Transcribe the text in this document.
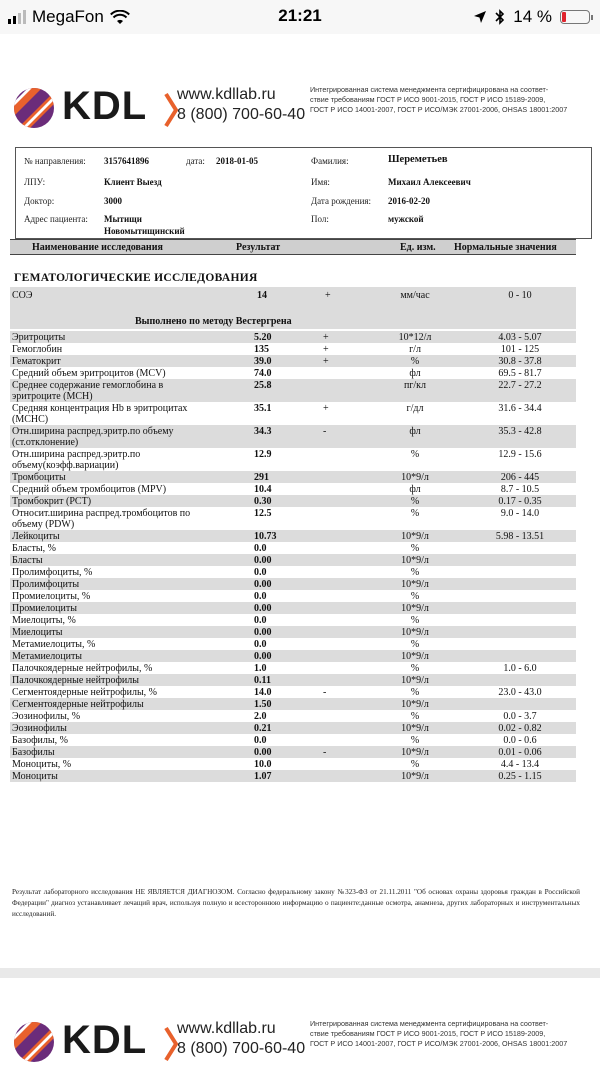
MegaFon	21:21	14 %
KDL www.kdllab.ru
8 (800) 700-60-40
Интегрированная система менеджмента сертифицирована на соответ-
ствие требованиям ГОСТ Р ИСО 9001-2015, ГОСТ Р ИСО 15189-2009,
ГОСТ Р ИСО 14001-2007, ГОСТ Р ИСО/МЭК 27001-2006, OHSAS 18001:2007
№ направления: 3157641896	дата: 2018-01-05	Фамилия:	Шереметьев
ЛПУ:	Клиент Выезд	Имя:	Михаил Алексеевич
Доктор:	3000	Дата рождения: 2016-02-20
Адрес пациента: Мытищи
Новомытищинский
Пол:	мужской
Наименование исследования	Результат	Ед. изм. Нормальные значения
ГЕМАТОЛОГИЧЕСКИЕ ИССЛЕДОВАНИЯ
СОЭ	14	+	мм/час	0 - 10
Выполнено по методу Вестергрена
Эритроциты	5.20	+	10*12/л	4.03 - 5.07
Гемоглобин	135	+	г/л	101 - 125
Гематокрит	39.0	+	%	30.8 - 37.8
Средний объем эритроцитов (MCV)	74.0	фл	69.5 - 81.7
Среднее содержание гемоглобина в эритроците (MCH)
25.8	пг/кл	22.7 - 27.2
Средняя концентрация Hb в эритроцитах (MCHC)
35.1	+	г/дл	31.6 - 34.4
Отн.ширина распред.эритр.по объему (ст.отклонение)
34.3	-	фл	35.3 - 42.8
Отн.ширина распред.эритр.по объему(коэфф.вариации)
12.9	%	12.9 - 15.6
Тромбоциты	291	10*9/л	206 - 445
Средний объем тромбоцитов (MPV)	10.4	фл	8.7 - 10.5
Тромбокрит (PCT)	0.30	%	0.17 - 0.35
Относит.ширина распред.тромбоцитов по объему (PDW)
12.5	%	9.0 - 14.0
Лейкоциты	10.73	10*9/л	5.98 - 13.51
Бласты, %	0.0	%
Бласты	0.00	10*9/л
Пролимфоциты, %	0.0	%
Пролимфоциты	0.00	10*9/л
Промиелоциты, %	0.0	%
Промиелоциты	0.00	10*9/л
Миелоциты, %	0.0	%
Миелоциты	0.00	10*9/л
Метамиелоциты, %	0.0	%
Метамиелоциты	0.00	10*9/л
Палочкоядерные нейтрофилы, %	1.0	%	1.0 - 6.0
Палочкоядерные нейтрофилы	0.11	10*9/л
Сегментоядерные нейтрофилы, %	14.0	-	%	23.0 - 43.0
Сегментоядерные нейтрофилы	1.50	10*9/л
Эозинофилы, %	2.0	%	0.0 - 3.7
Эозинофилы	0.21	10*9/л	0.02 - 0.82
Базофилы, %	0.0	%	0.0 - 0.6
Базофилы	0.00	-	10*9/л	0.01 - 0.06
Моноциты, %	10.0	%	4.4 - 13.4
Моноциты	1.07	10*9/л	0.25 - 1.15
Результат лабораторного исследования НЕ ЯВЛЯЕТСЯ ДИАГНОЗОМ. Согласно федеральному закону №323-ФЗ от 21.11.2011 "Об основах охраны здоровья граждан в Российской Федерации" диагноз устанавливает лечащий врач, используя полную и всестороннюю информацию о пациенте:данные осмотра, анамнеза, других лабораторных и инструментальных исследований.
KDL www.kdllab.ru
8 (800) 700-60-40
Интегрированная система менеджмента сертифицирована на соответ-
ствие требованиям ГОСТ Р ИСО 9001-2015, ГОСТ Р ИСО 15189-2009,
ГОСТ Р ИСО 14001-2007, ГОСТ Р ИСО/МЭК 27001-2006, OHSAS 18001:2007
